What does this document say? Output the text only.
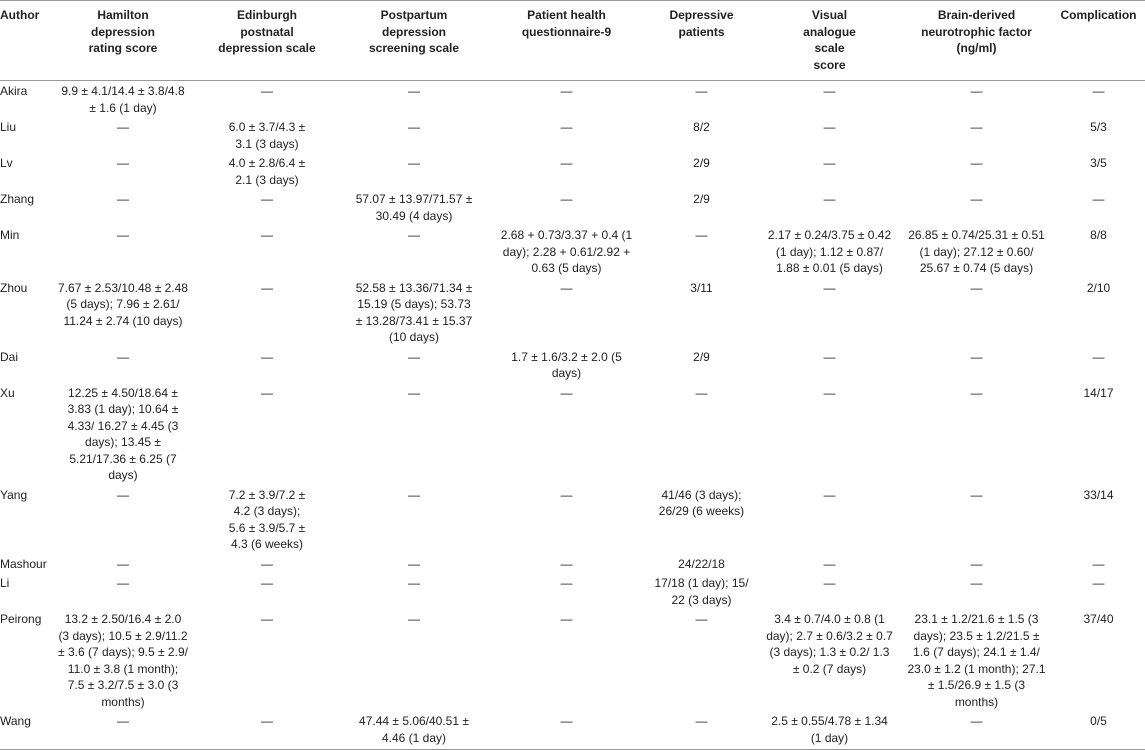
Author	Hamilton depression rating score	Edinburgh postnatal depression scale	Postpartum depression screening scale	Patient health questionnaire-9	Depressive patients	Visual analogue scale score	Brain-derived neurotrophic factor (ng/ml)	Complication
Akira	9.9 ± 4.1/14.4 ± 3.8/4.8 ± 1.6 (1 day)	—	—	—	—	—	—	—
Liu	—	6.0 ± 3.7/4.3 ± 3.1 (3 days)	—	—	8/2	—	—	5/3
Lv	—	4.0 ± 2.8/6.4 ± 2.1 (3 days)	—	—	2/9	—	—	3/5
Zhang	—	—	57.07 ± 13.97/71.57 ± 30.49 (4 days)	—	2/9	—	—	—
Min	—	—	—	2.68 + 0.73/3.37 + 0.4 (1 day); 2.28 + 0.61/2.92 + 0.63 (5 days)	—	2.17 ± 0.24/3.75 ± 0.42 (1 day); 1.12 ± 0.87/ 1.88 ± 0.01 (5 days)	26.85 ± 0.74/25.31 ± 0.51 (1 day); 27.12 ± 0.60/ 25.67 ± 0.74 (5 days)	8/8
Zhou	7.67 ± 2.53/10.48 ± 2.48 (5 days); 7.96 ± 2.61/ 11.24 ± 2.74 (10 days)	—	52.58 ± 13.36/71.34 ± 15.19 (5 days); 53.73 ± 13.28/73.41 ± 15.37 (10 days)	—	3/11	—	—	2/10
Dai	—	—	—	1.7 ± 1.6/3.2 ± 2.0 (5 days)	2/9	—	—	—
Xu	12.25 ± 4.50/18.64 ± 3.83 (1 day); 10.64 ± 4.33/ 16.27 ± 4.45 (3 days); 13.45 ± 5.21/17.36 ± 6.25 (7 days)	—	—	—	—	—	—	14/17
Yang	—	7.2 ± 3.9/7.2 ± 4.2 (3 days); 5.6 ± 3.9/5.7 ± 4.3 (6 weeks)	—	—	41/46 (3 days); 26/29 (6 weeks)	—	—	33/14
Mashour	—	—	—	—	24/22/18	—	—	—
Li	—	—	—	—	17/18 (1 day); 15/ 22 (3 days)	—	—	—
Peirong	13.2 ± 2.50/16.4 ± 2.0 (3 days); 10.5 ± 2.9/11.2 ± 3.6 (7 days); 9.5 ± 2.9/ 11.0 ± 3.8 (1 month); 7.5 ± 3.2/7.5 ± 3.0 (3 months)	—	—	—	—	3.4 ± 0.7/4.0 ± 0.8 (1 day); 2.7 ± 0.6/3.2 ± 0.7 (3 days); 1.3 ± 0.2/ 1.3 ± 0.2 (7 days)	23.1 ± 1.2/21.6 ± 1.5 (3 days); 23.5 ± 1.2/21.5 ± 1.6 (7 days); 24.1 ± 1.4/ 23.0 ± 1.2 (1 month); 27.1 ± 1.5/26.9 ± 1.5 (3 months)	37/40
Wang	—	—	47.44 ± 5.06/40.51 ± 4.46 (1 day)	—	—	2.5 ± 0.55/4.78 ± 1.34 (1 day)	—	0/5
